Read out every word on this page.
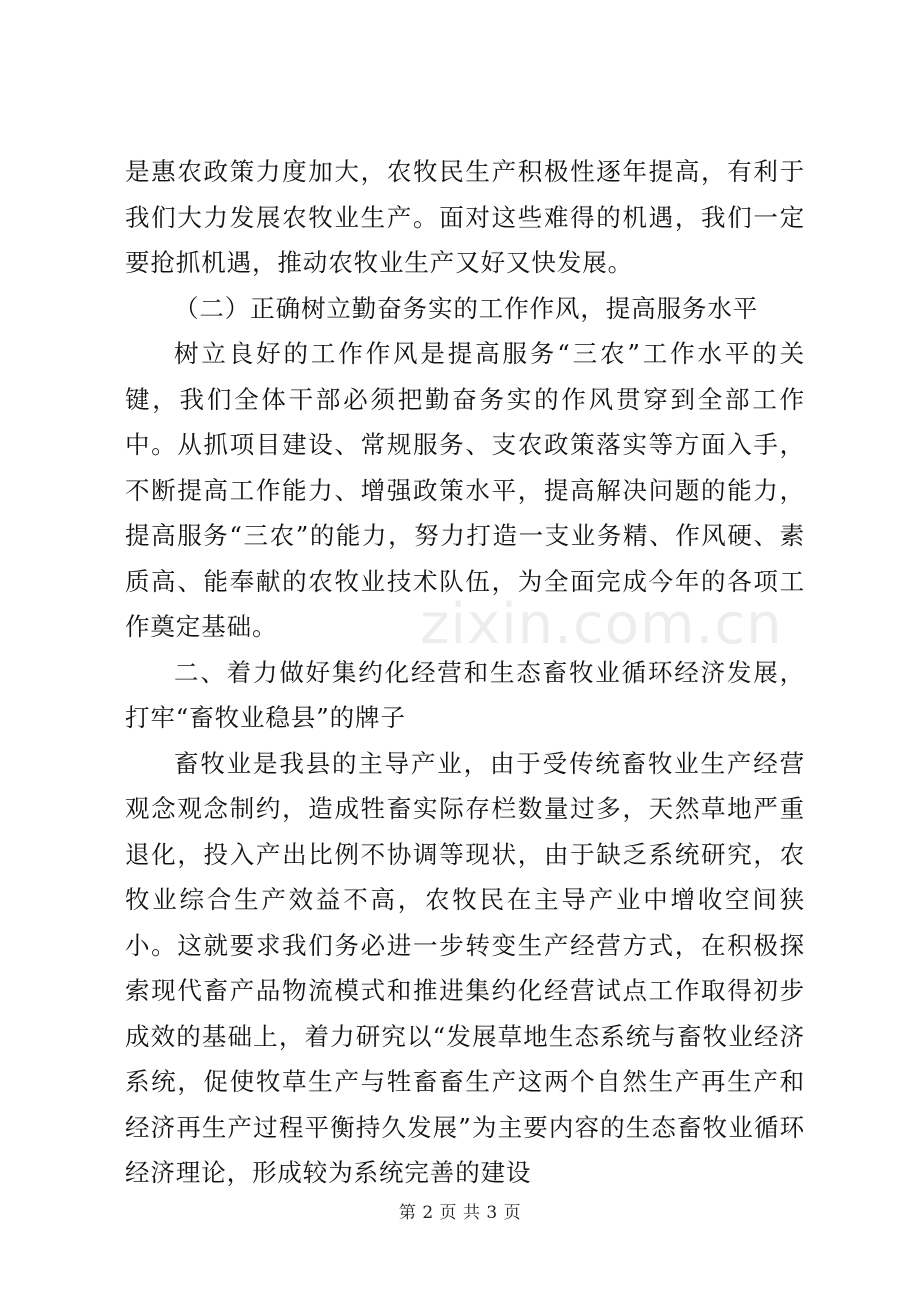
是惠农政策力度加大，农牧民生产积极性逐年提高，有利于我们大力发展农牧业生产。面对这些难得的机遇，我们一定要抢抓机遇，推动农牧业生产又好又快发展。

（二）正确树立勤奋务实的工作作风，提高服务水平

树立良好的工作作风是提高服务“三农”工作水平的关键，我们全体干部必须把勤奋务实的作风贯穿到全部工作中。从抓项目建设、常规服务、支农政策落实等方面入手，不断提高工作能力、增强政策水平，提高解决问题的能力，提高服务“三农”的能力，努力打造一支业务精、作风硬、素质高、能奉献的农牧业技术队伍，为全面完成今年的各项工作奠定基础。

二、着力做好集约化经营和生态畜牧业循环经济发展，打牢“畜牧业稳县”的牌子

畜牧业是我县的主导产业，由于受传统畜牧业生产经营观念观念制约，造成牲畜实际存栏数量过多，天然草地严重退化，投入产出比例不协调等现状，由于缺乏系统研究，农牧业综合生产效益不高，农牧民在主导产业中增收空间狭小。这就要求我们务必进一步转变生产经营方式，在积极探索现代畜产品物流模式和推进集约化经营试点工作取得初步成效的基础上，着力研究以“发展草地生态系统与畜牧业经济系统，促使牧草生产与牲畜畜生产这两个自然生产再生产和经济再生产过程平衡持久发展”为主要内容的生态畜牧业循环经济理论，形成较为系统完善的建设

zixin.com.cn
第 2 页 共 3 页
